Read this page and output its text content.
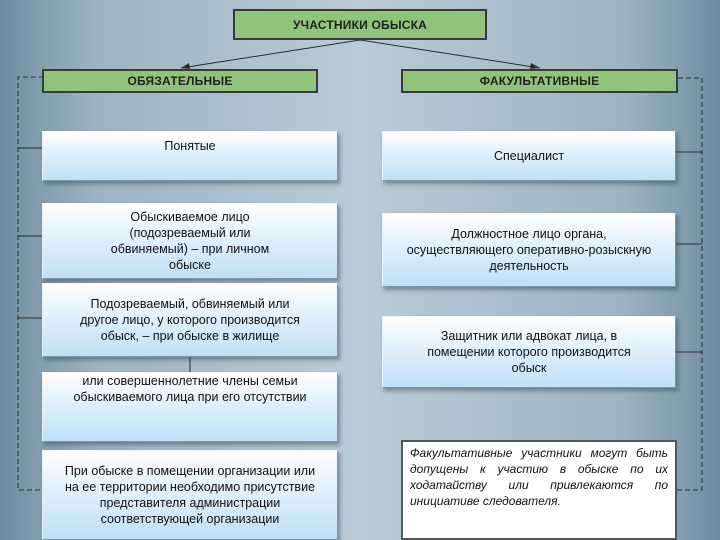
УЧАСТНИКИ ОБЫСКА
ОБЯЗАТЕЛЬНЫЕ	ФАКУЛЬТАТИВНЫЕ
Понятые
Обыскиваемое лицо (подозреваемый или обвиняемый) – при личном обыске
Подозреваемый, обвиняемый или другое лицо, у которого производится обыск, – при обыске в жилище
или совершеннолетние члены семьи обыскиваемого лица при его отсутствии
При обыске в помещении организации или на ее территории необходимо присутствие представителя администрации соответствующей организации
Специалист
Должностное лицо органа, осуществляющего оперативно-розыскную деятельность
Защитник или адвокат лица, в помещении которого производится обыск
Факультативные участники могут быть допущены к участию в обыске по их ходатайству или привлекаются по инициативе следователя.
